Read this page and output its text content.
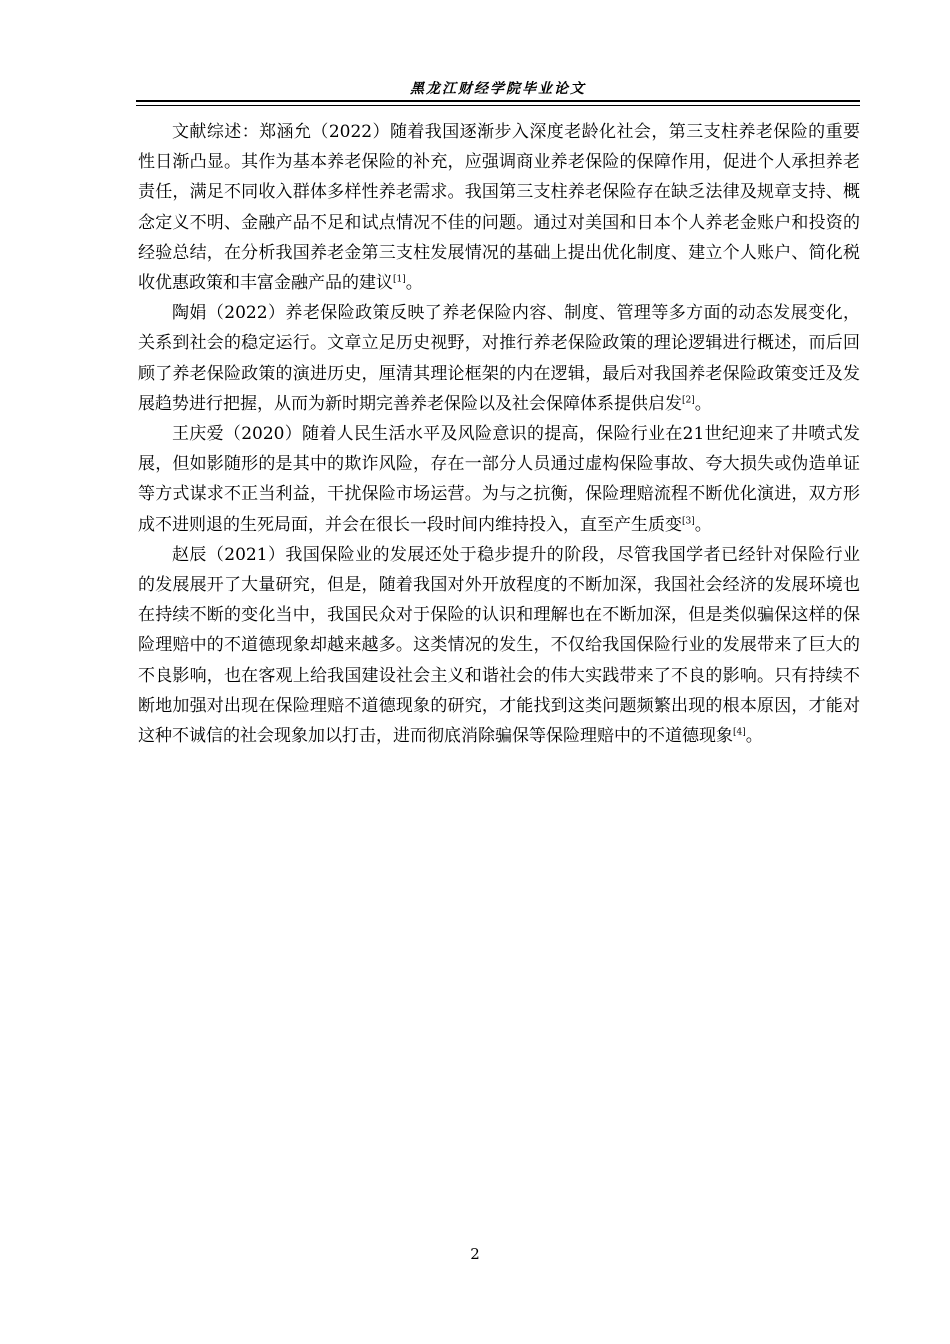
黑龙江财经学院毕业论文

文献综述：郑涵允（2022）随着我国逐渐步入深度老龄化社会，第三支柱养老保险的重要性日渐凸显。其作为基本养老保险的补充，应强调商业养老保险的保障作用，促进个人承担养老责任，满足不同收入群体多样性养老需求。我国第三支柱养老保险存在缺乏法律及规章支持、概念定义不明、金融产品不足和试点情况不佳的问题。通过对美国和日本个人养老金账户和投资的经验总结，在分析我国养老金第三支柱发展情况的基础上提出优化制度、建立个人账户、简化税收优惠政策和丰富金融产品的建议[1]。

陶娟（2022）养老保险政策反映了养老保险内容、制度、管理等多方面的动态发展变化，关系到社会的稳定运行。文章立足历史视野，对推行养老保险政策的理论逻辑进行概述，而后回顾了养老保险政策的演进历史，厘清其理论框架的内在逻辑，最后对我国养老保险政策变迁及发展趋势进行把握，从而为新时期完善养老保险以及社会保障体系提供启发[2]。

王庆爱（2020）随着人民生活水平及风险意识的提高，保险行业在21世纪迎来了井喷式发展，但如影随形的是其中的欺诈风险，存在一部分人员通过虚构保险事故、夸大损失或伪造单证等方式谋求不正当利益，干扰保险市场运营。为与之抗衡，保险理赔流程不断优化演进，双方形成不进则退的生死局面，并会在很长一段时间内维持投入，直至产生质变[3]。

赵辰（2021）我国保险业的发展还处于稳步提升的阶段，尽管我国学者已经针对保险行业的发展展开了大量研究，但是，随着我国对外开放程度的不断加深，我国社会经济的发展环境也在持续不断的变化当中，我国民众对于保险的认识和理解也在不断加深，但是类似骗保这样的保险理赔中的不道德现象却越来越多。这类情况的发生，不仅给我国保险行业的发展带来了巨大的不良影响，也在客观上给我国建设社会主义和谐社会的伟大实践带来了不良的影响。只有持续不断地加强对出现在保险理赔不道德现象的研究，才能找到这类问题频繁出现的根本原因，才能对这种不诚信的社会现象加以打击，进而彻底消除骗保等保险理赔中的不道德现象[4]。

2
